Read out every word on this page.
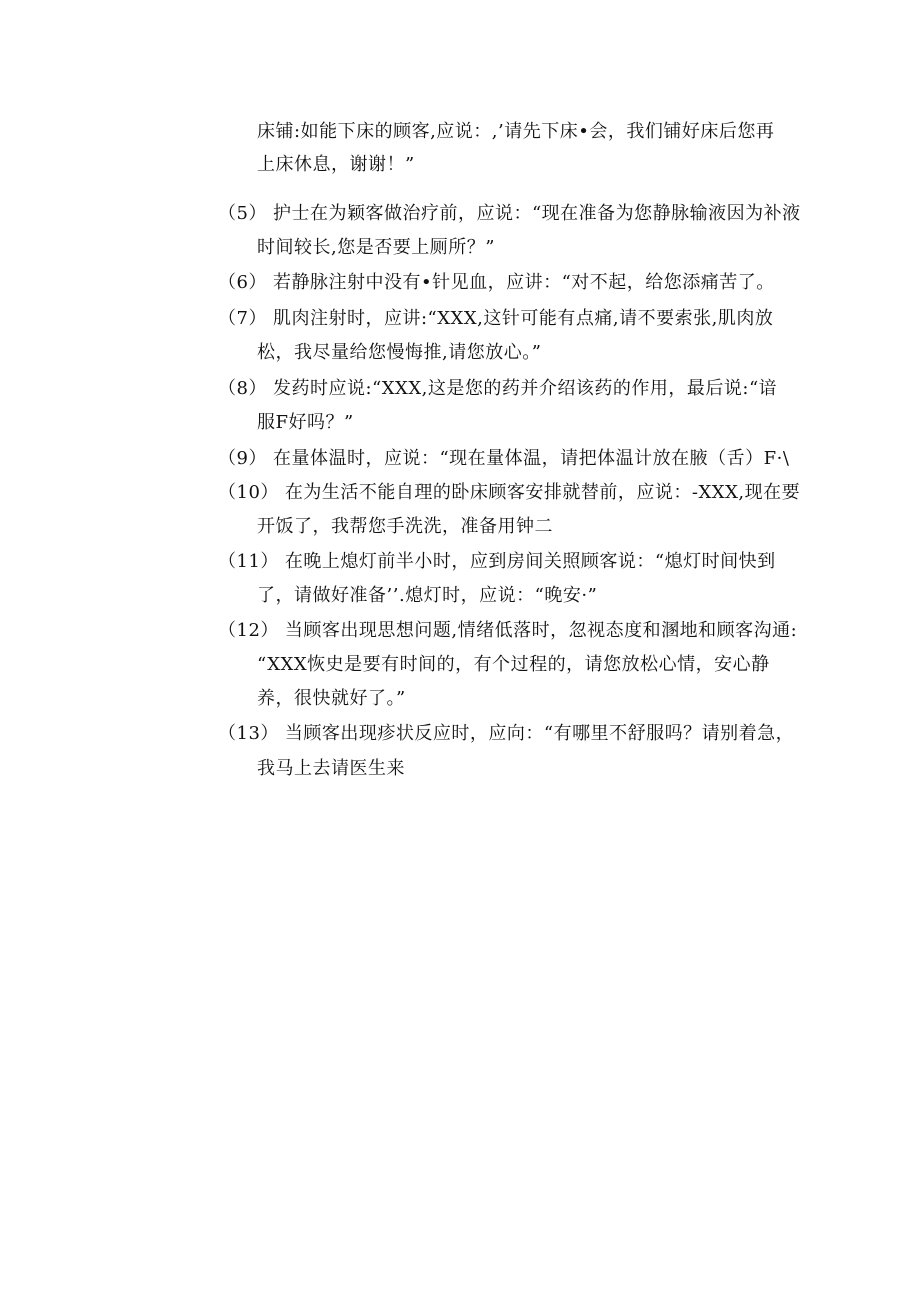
床铺:如能下床的顾客,应说：,’请先下床•会，我们铺好床后您再
上床休息，谢谢！”
（5） 护士在为颖客做治疗前，应说：“现在准备为您静脉输液因为补液
时间较长,您是否要上厕所？”
（6） 若静脉注射中没有•针见血，应讲：“对不起，给您添痛苦了。
（7） 肌肉注射时，应讲:“XXX,这针可能有点痛,请不要索张,肌肉放
松，我尽量给您慢悔推,请您放心。”
（8） 发药时应说:“XXX,这是您的药并介绍该药的作用，最后说:“谙
服F好吗？”
（9） 在量体温时，应说：“现在量体温，请把体温计放在腋（舌）F·\
（10） 在为生活不能自理的卧床顾客安排就替前，应说：-XXX,现在要
开饭了，我帮您手洗洗，准备用钟二
（11） 在晚上熄灯前半小时，应到房间关照顾客说：“熄灯时间快到
了，请做好准备’’.熄灯时，应说：“晚安·”
（12） 当顾客出现思想问题,情绪低落时，忽视态度和溷地和顾客沟通:
“XXX恢史是要有时间的，有个过程的，请您放松心情，安心静
养，很快就好了。”
（13） 当顾客出现疹状反应时，应向：“有哪里不舒服吗？请别着急，
我马上去请医生来
